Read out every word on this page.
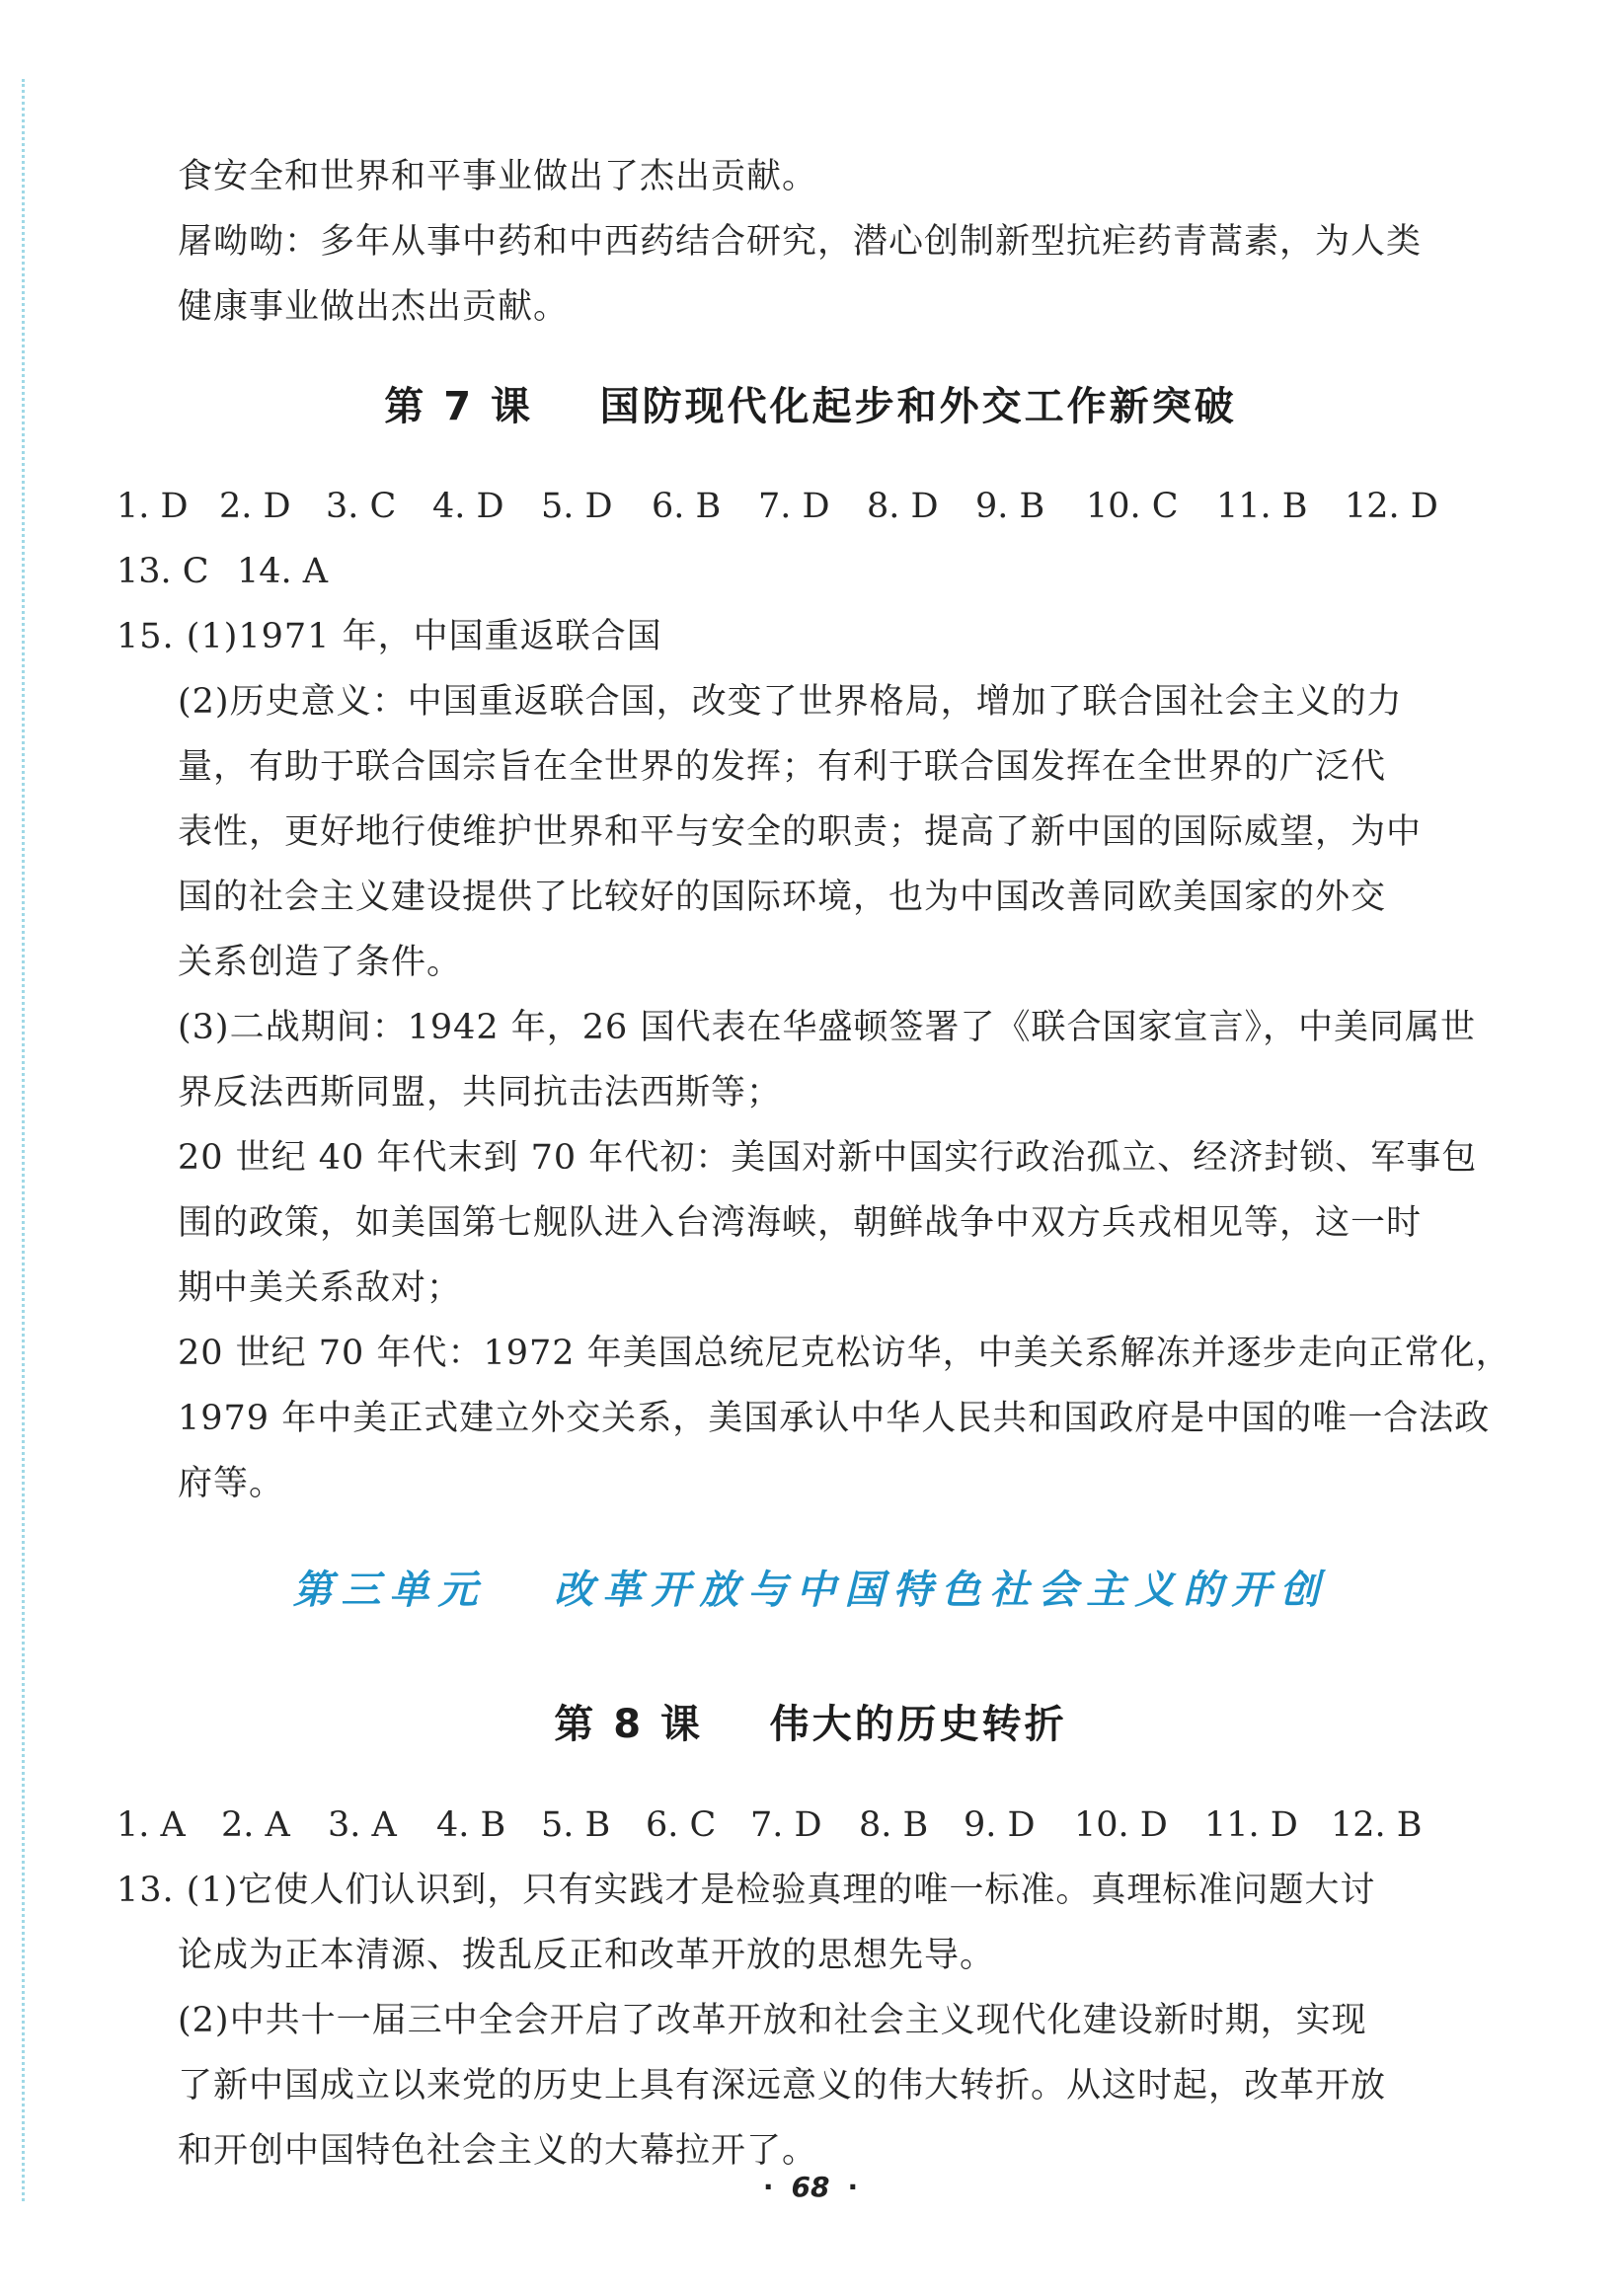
食安全和世界和平事业做出了杰出贡献。
屠呦呦：多年从事中药和中西药结合研究，潜心创制新型抗疟药青蒿素，为人类
健康事业做出杰出贡献。
第 7 课    国防现代化起步和外交工作新突破
1. D 2. D 3. C 4. D 5. D 6. B 7. D 8. D 9. B 10. C 11. B 12. D
13. C 14. A
15. (1)1971 年，中国重返联合国
(2)历史意义：中国重返联合国，改变了世界格局，增加了联合国社会主义的力
量，有助于联合国宗旨在全世界的发挥；有利于联合国发挥在全世界的广泛代
表性，更好地行使维护世界和平与安全的职责；提高了新中国的国际威望，为中
国的社会主义建设提供了比较好的国际环境，也为中国改善同欧美国家的外交
关系创造了条件。
(3)二战期间：1942 年，26 国代表在华盛顿签署了《联合国家宣言》，中美同属世
界反法西斯同盟，共同抗击法西斯等；
20 世纪 40 年代末到 70 年代初：美国对新中国实行政治孤立、经济封锁、军事包
围的政策，如美国第七舰队进入台湾海峡，朝鲜战争中双方兵戎相见等，这一时
期中美关系敌对；
20 世纪 70 年代：1972 年美国总统尼克松访华，中美关系解冻并逐步走向正常化，
1979 年中美正式建立外交关系，美国承认中华人民共和国政府是中国的唯一合法政
府等。
第三单元   改革开放与中国特色社会主义的开创
第 8 课    伟大的历史转折
1. A 2. A 3. A 4. B 5. B 6. C 7. D 8. B 9. D 10. D 11. D 12. B
13. (1)它使人们认识到，只有实践才是检验真理的唯一标准。真理标准问题大讨
论成为正本清源、拨乱反正和改革开放的思想先导。
(2)中共十一届三中全会开启了改革开放和社会主义现代化建设新时期，实现
了新中国成立以来党的历史上具有深远意义的伟大转折。从这时起，改革开放
和开创中国特色社会主义的大幕拉开了。
· 68 ·
